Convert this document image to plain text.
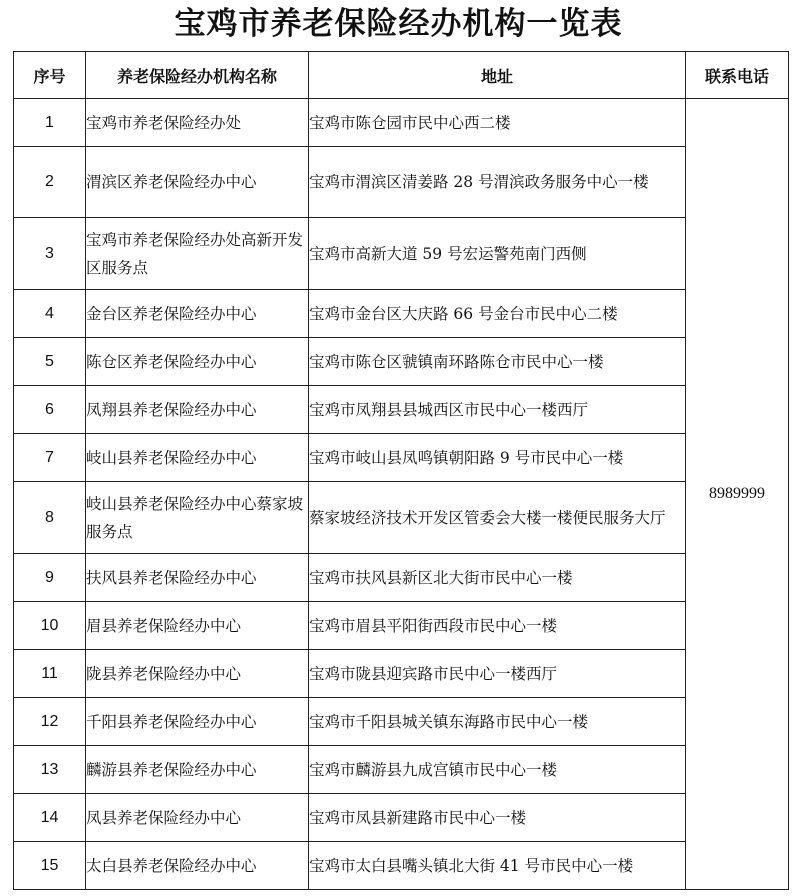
宝鸡市养老保险经办机构一览表
序号	养老保险经办机构名称	地址	联系电话
1	宝鸡市养老保险经办处	宝鸡市陈仓园市民中心西二楼	8989999
2	渭滨区养老保险经办中心	宝鸡市渭滨区清姜路 28 号渭滨政务服务中心一楼	
3	宝鸡市养老保险经办处高新开发区服务点	宝鸡市高新大道 59 号宏运警苑南门西侧	
4	金台区养老保险经办中心	宝鸡市金台区大庆路 66 号金台市民中心二楼	
5	陈仓区养老保险经办中心	宝鸡市陈仓区虢镇南环路陈仓市民中心一楼	
6	凤翔县养老保险经办中心	宝鸡市凤翔县县城西区市民中心一楼西厅	
7	岐山县养老保险经办中心	宝鸡市岐山县凤鸣镇朝阳路 9 号市民中心一楼	
8	岐山县养老保险经办中心蔡家坡服务点	蔡家坡经济技术开发区管委会大楼一楼便民服务大厅	
9	扶风县养老保险经办中心	宝鸡市扶风县新区北大街市民中心一楼	
10	眉县养老保险经办中心	宝鸡市眉县平阳街西段市民中心一楼	
11	陇县养老保险经办中心	宝鸡市陇县迎宾路市民中心一楼西厅	
12	千阳县养老保险经办中心	宝鸡市千阳县城关镇东海路市民中心一楼	
13	麟游县养老保险经办中心	宝鸡市麟游县九成宫镇市民中心一楼	
14	凤县养老保险经办中心	宝鸡市凤县新建路市民中心一楼	
15	太白县养老保险经办中心	宝鸡市太白县嘴头镇北大街 41 号市民中心一楼	
